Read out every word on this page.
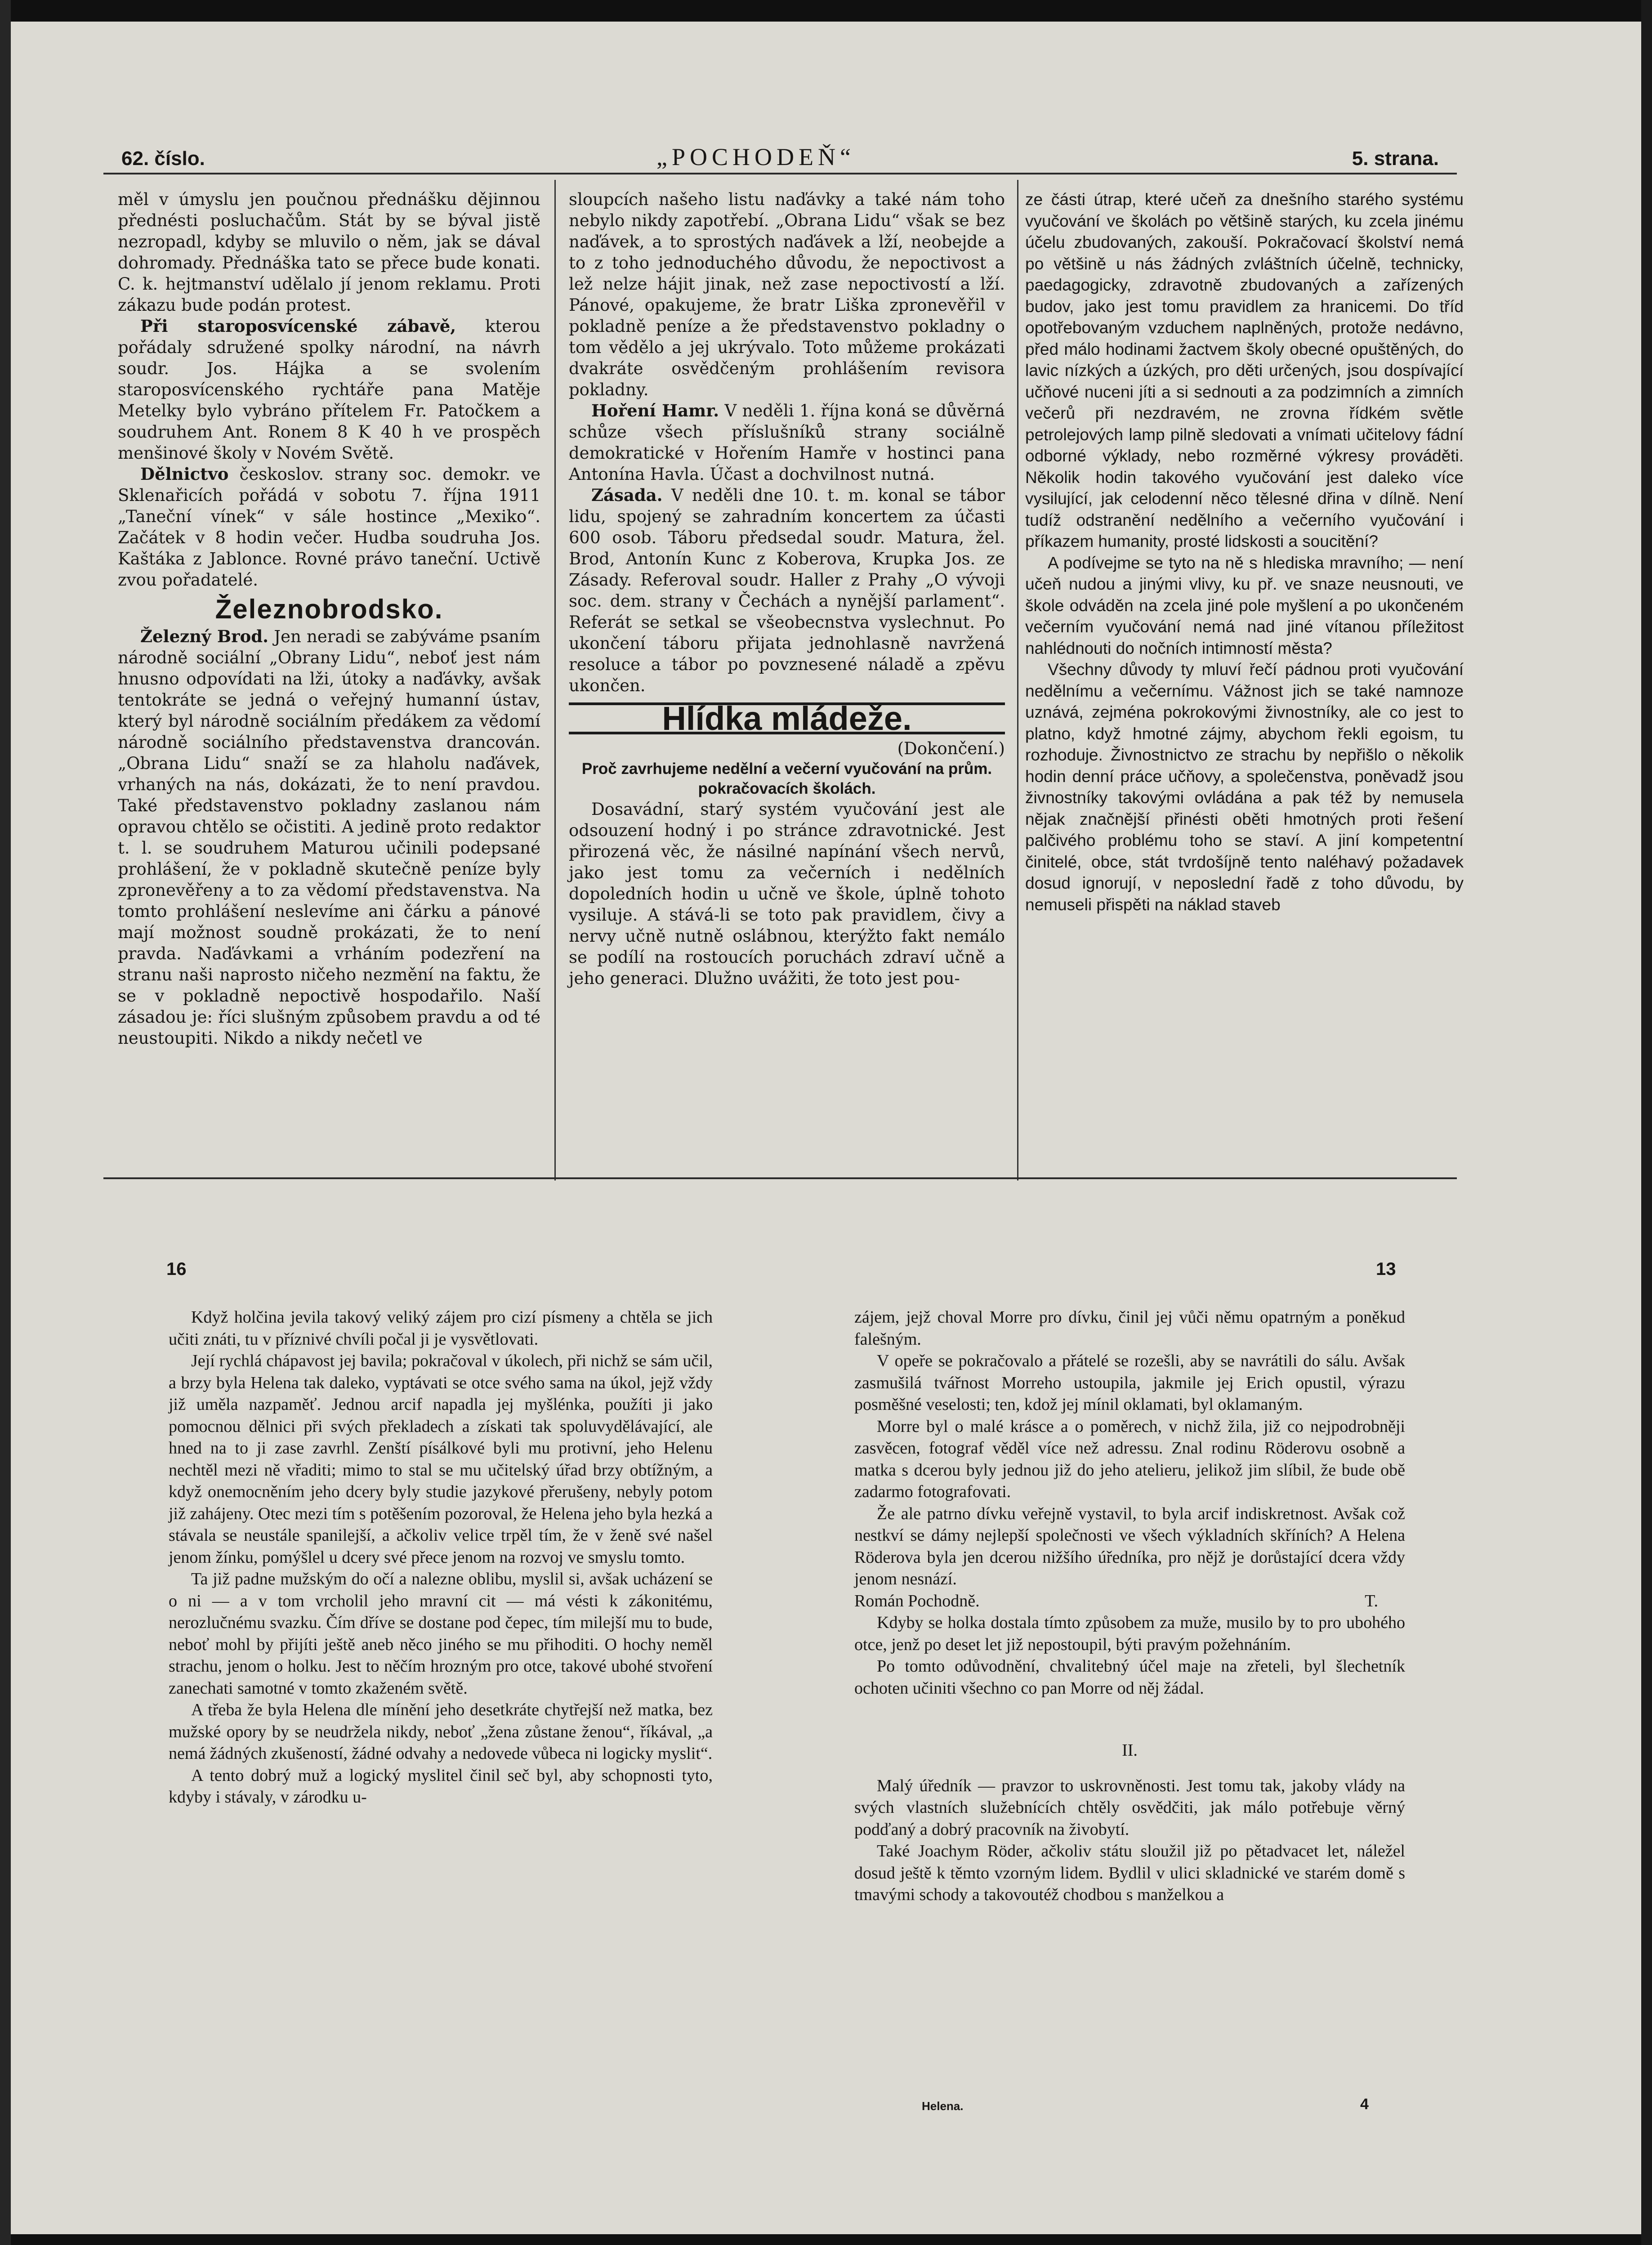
62. číslo.	„POCHODEŇ“	5. strana.

měl v úmyslu jen poučnou přednášku dějinnou přednésti posluchačům. Stát by se býval jistě nezropadl, kdyby se mluvilo o něm, jak se dával dohromady. Přednáška tato se přece bude konati. C. k. hejtmanství udělalo jí jenom reklamu. Proti zákazu bude podán protest.

Při staroposvícenské zábavě, kterou pořádaly sdružené spolky národní, na návrh soudr. Jos. Hájka a se svolením staroposvícenského rychtáře pana Matěje Metelky bylo vybráno přítelem Fr. Patočkem a soudruhem Ant. Ronem 8 K 40 h ve prospěch menšinové školy v Novém Světě.

Dělnictvo českoslov. strany soc. demokr. ve Sklenařicích pořádá v sobotu 7. října 1911 „Taneční vínek“ v sále hostince „Mexiko“. Začátek v 8 hodin večer. Hudba soudruha Jos. Kaštáka z Jablonce. Rovné právo taneční. Uctivě zvou pořadatelé.

Železnobrodsko.

Železný Brod. Jen neradi se zabýváme psaním národně sociální „Obrany Lidu“, neboť jest nám hnusno odpovídati na lži, útoky a naďávky, avšak tentokráte se jedná o veřejný humanní ústav, který byl národně sociálním předákem za vědomí národně sociálního představenstva drancován. „Obrana Lidu“ snaží se za hlaholu naďávek, vrhaných na nás, dokázati, že to není pravdou. Také představenstvo pokladny zaslanou nám opravou chtělo se očistiti. A jedině proto redaktor t. l. se soudruhem Maturou učinili podepsané prohlášení, že v pokladně skutečně peníze byly zpronevěřeny a to za vědomí představenstva. Na tomto prohlášení neslevíme ani čárku a pánové mají možnost soudně prokázati, že to není pravda. Naďávkami a vrháním podezření na stranu naši naprosto ničeho nezmění na faktu, že se v pokladně nepoctivě hospodařilo. Naší zásadou je: říci slušným způsobem pravdu a od té neustoupiti. Nikdo a nikdy nečetl ve

sloupcích našeho listu naďávky a také nám toho nebylo nikdy zapotřebí. „Obrana Lidu“ však se bez naďávek, a to sprostých naďávek a lží, neobejde a to z toho jednoduchého důvodu, že nepoctivost a lež nelze hájit jinak, než zase nepoctivostí a lží. Pánové, opakujeme, že bratr Liška zpronevěřil v pokladně peníze a že představenstvo pokladny o tom vědělo a jej ukrývalo. Toto můžeme prokázati dvakráte osvědčeným prohlášením revisora pokladny.

Hoření Hamr. V neděli 1. října koná se důvěrná schůze všech příslušníků strany sociálně demokratické v Hořením Hamře v hostinci pana Antonína Havla. Účast a dochvilnost nutná.

Zásada. V neděli dne 10. t. m. konal se tábor lidu, spojený se zahradním koncertem za účasti 600 osob. Táboru předsedal soudr. Matura, žel. Brod, Antonín Kunc z Koberova, Krupka Jos. ze Zásady. Referoval soudr. Haller z Prahy „O vývoji soc. dem. strany v Čechách a nynější parlament“. Referát se setkal se všeobecnstva vyslechnut. Po ukončení táboru přijata jednohlasně navržená resoluce a tábor po povznesené náladě a zpěvu ukončen.

Hlídka mládeže.

(Dokončení.)

Proč zavrhujeme nedělní a večerní vyučování na prům. pokračovacích školách.

Dosavádní, starý systém vyučování jest ale odsouzení hodný i po stránce zdravotnické. Jest přirozená věc, že násilné napínání všech nervů, jako jest tomu za večerních i nedělních dopoledních hodin u učně ve škole, úplně tohoto vysiluje. A stává-li se toto pak pravidlem, čivy a nervy učně nutně oslábnou, kterýžto fakt nemálo se podílí na rostoucích poruchách zdraví učně a jeho generaci. Dlužno uvážiti, že toto jest pou-

ze části útrap, které učeň za dnešního starého systému vyučování ve školách po většině starých, ku zcela jinému účelu zbudovaných, zakouší. Pokračovací školství nemá po většině u nás žádných zvláštních účelně, technicky, paedagogicky, zdravotně zbudovaných a zařízených budov, jako jest tomu pravidlem za hranicemi. Do tříd opotřebovaným vzduchem naplněných, protože nedávno, před málo hodinami žactvem školy obecné opuštěných, do lavic nízkých a úzkých, pro děti určených, jsou dospívající učňové nuceni jíti a si sednouti a za podzimních a zimních večerů při nezdravém, ne zrovna řídkém světle petrolejových lamp pilně sledovati a vnímati učitelovy fádní odborné výklady, nebo rozměrné výkresy prováděti. Několik hodin takového vyučování jest daleko více vysilující, jak celodenní něco tělesné dřina v dílně. Není tudíž odstranění nedělního a večerního vyučování i příkazem humanity, prosté lidskosti a soucitění?

A podívejme se tyto na ně s hlediska mravního; — není učeň nudou a jinými vlivy, ku př. ve snaze neusnouti, ve škole odváděn na zcela jiné pole myšlení a po ukončeném večerním vyučování nemá nad jiné vítanou příležitost nahlédnouti do nočních intimností města?

Všechny důvody ty mluví řečí pádnou proti vyučování nedělnímu a večernímu. Vážnost jich se také namnoze uznává, zejména pokrokovými živnostníky, ale co jest to platno, když hmotné zájmy, abychom řekli egoism, tu rozhoduje. Živnostnictvo ze strachu by nepřišlo o několik hodin denní práce učňovy, a společenstva, poněvadž jsou živnostníky takovými ovládána a pak též by nemusela nějak značnější přinésti oběti hmotných proti řešení palčivého problému toho se staví. A jiní kompetentní činitelé, obce, stát tvrdošíjně tento naléhavý požadavek dosud ignorují, v neposlední řadě z toho důvodu, by nemuseli přispěti na náklad staveb

16	13

Když holčina jevila takový veliký zájem pro cizí písmeny a chtěla se jich učiti znáti, tu v příznivé chvíli počal ji je vysvětlovati.

Její rychlá chápavost jej bavila; pokračoval v úkolech, při nichž se sám učil, a brzy byla Helena tak daleko, vyptávati se otce svého sama na úkol, jejž vždy již uměla nazpaměť. Jednou arcif napadla jej myšlénka, použíti ji jako pomocnou dělnici při svých překladech a získati tak spoluvydělávající, ale hned na to ji zase zavrhl. Zenští písálkové byli mu protivní, jeho Helenu nechtěl mezi ně vřaditi; mimo to stal se mu učitelský úřad brzy obtížným, a když onemocněním jeho dcery byly studie jazykové přerušeny, nebyly potom již zahájeny. Otec mezi tím s potěšením pozoroval, že Helena jeho byla hezká a stávala se neustále spanilejší, a ačkoliv velice trpěl tím, že v ženě své našel jenom žínku, pomýšlel u dcery své přece jenom na rozvoj ve smyslu tomto.

Ta již padne mužským do očí a nalezne oblibu, myslil si, avšak ucházení se o ni — a v tom vrcholil jeho mravní cit — má vésti k zákonitému, nerozlučnému svazku. Čím dříve se dostane pod čepec, tím milejší mu to bude, neboť mohl by přijíti ještě aneb něco jiného se mu přihoditi. O hochy neměl strachu, jenom o holku. Jest to něčím hrozným pro otce, takové ubohé stvoření zanechati samotné v tomto zkaženém světě.

A třeba že byla Helena dle mínění jeho desetkráte chytřejší než matka, bez mužské opory by se neudržela nikdy, neboť „žena zůstane ženou“, říkával, „a nemá žádných zkušeností, žádné odvahy a nedovede vůbeca ni logicky myslit“.

A tento dobrý muž a logický myslitel činil seč byl, aby schopnosti tyto, kdyby i stávaly, v zárodku u-

zájem, jejž choval Morre pro dívku, činil jej vůči němu opatrným a poněkud falešným.

V opeře se pokračovalo a přátelé se rozešli, aby se navrátili do sálu. Avšak zasmušilá tvářnost Morreho ustoupila, jakmile jej Erich opustil, výrazu posměšné veselosti; ten, kdož jej mínil oklamati, byl oklamaným.

Morre byl o malé krásce a o poměrech, v nichž žila, již co nejpodrobněji zasvěcen, fotograf věděl více než adressu. Znal rodinu Röderovu osobně a matka s dcerou byly jednou již do jeho atelieru, jelikož jim slíbil, že bude obě zadarmo fotografovati.

Že ale patrno dívku veřejně vystavil, to byla arcif indiskretnost. Avšak což nestkví se dámy nejlepší společnosti ve všech výkladních skříních? A Helena Röderova byla jen dcerou nižšího úředníka, pro nějž je dorůstající dcera vždy jenom nesnází.

Román Pochodně.	T.

Kdyby se holka dostala tímto způsobem za muže, musilo by to pro ubohého otce, jenž po deset let již nepostoupil, býti pravým požehnáním.

Po tomto odůvodnění, chvalitebný účel maje na zřeteli, byl šlechetník ochoten učiniti všechno co pan Morre od něj žádal.

II.

Malý úředník — pravzor to uskrovněnosti. Jest tomu tak, jakoby vlády na svých vlastních služebnících chtěly osvědčiti, jak málo potřebuje věrný podďaný a dobrý pracovník na živobytí.

Také Joachym Röder, ačkoliv státu sloužil již po pětadvacet let, náležel dosud ještě k těmto vzorným lidem. Bydlil v ulici skladnické ve starém domě s tmavými schody a takovoutéž chodbou s manželkou a

Helena.	4
